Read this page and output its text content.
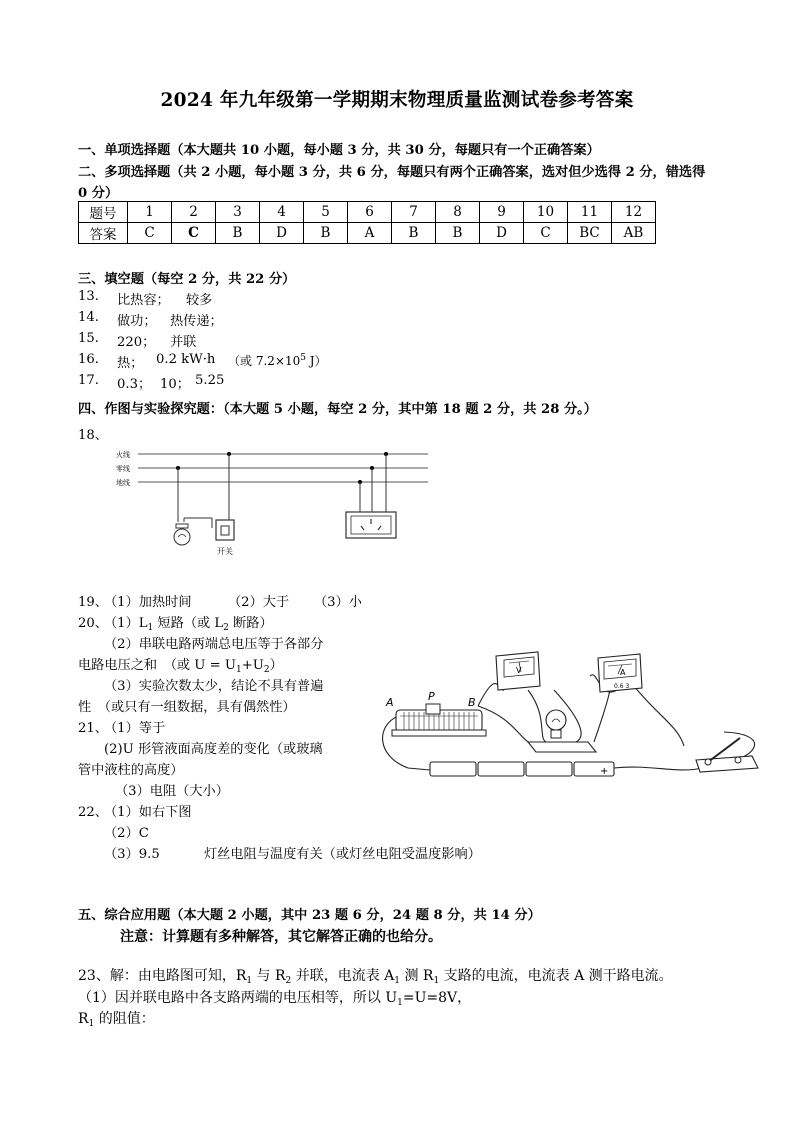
2024 年九年级第一学期期末物理质量监测试卷参考答案
一、单项选择题（本大题共 10 小题，每小题 3 分，共 30 分，每题只有一个正确答案）
二、多项选择题（共 2 小题，每小题 3 分，共 6 分，每题只有两个正确答案，选对但少选得 2 分，错选得
0 分）
题号	1	2	3	4	5	6	7	8	9	10	11	12
答案	C	C	B	D	B	A	B	B	D	C	BC	AB
三、填空题（每空 2 分，共 22 分）
13. 比热容； 较多
14. 做功； 热传递；
15. 220； 并联
16. 热； 0.2 kW·h （或 $7.2\times 10^5$ J）
17. 0.3； 10； 5.25
四、作图与实验探究题：（本大题 5 小题，每空 2 分，其中第 18 题 2 分，共 28 分。）
18、
火线
零线
地线
开关
19、
（1）加热时间	（2）大于 （3）小
20、
$(1)L_1$ 短路（或 $L_2$ 断路）
（2）串联电路两端总电压等于各部分
电路电压之和　（或 $U = U_1+U_2$）
（3）实验次数太少，结论不具有普遍
性　（或只有一组数据，具有偶然性）
21、
（1）等于
(2)U 形管液面高度差的变化（或玻璃
管中液柱的高度）
（3）电阻（大小）
22、
（1）如右下图
（2）C
（3）9.5	灯丝电阻与温度有关（或灯丝电阻受温度影响）
A	P	B
V	A
0.6 3
+
五、综合应用题（本大题 2 小题，其中 23 题 6 分，24 题 8 分，共 14 分）
注意：计算题有多种解答，其它解答正确的也给分。
23、解：由电路图可知，$R_1$ 与 $R_2$ 并联，电流表 $A_1$ 测 $R_1$ 支路的电流，电流表 A 测干路电流。
（1）因并联电路中各支路两端的电压相等，所以 $U_1=U=8V$，
$R_1$ 的阻值：
